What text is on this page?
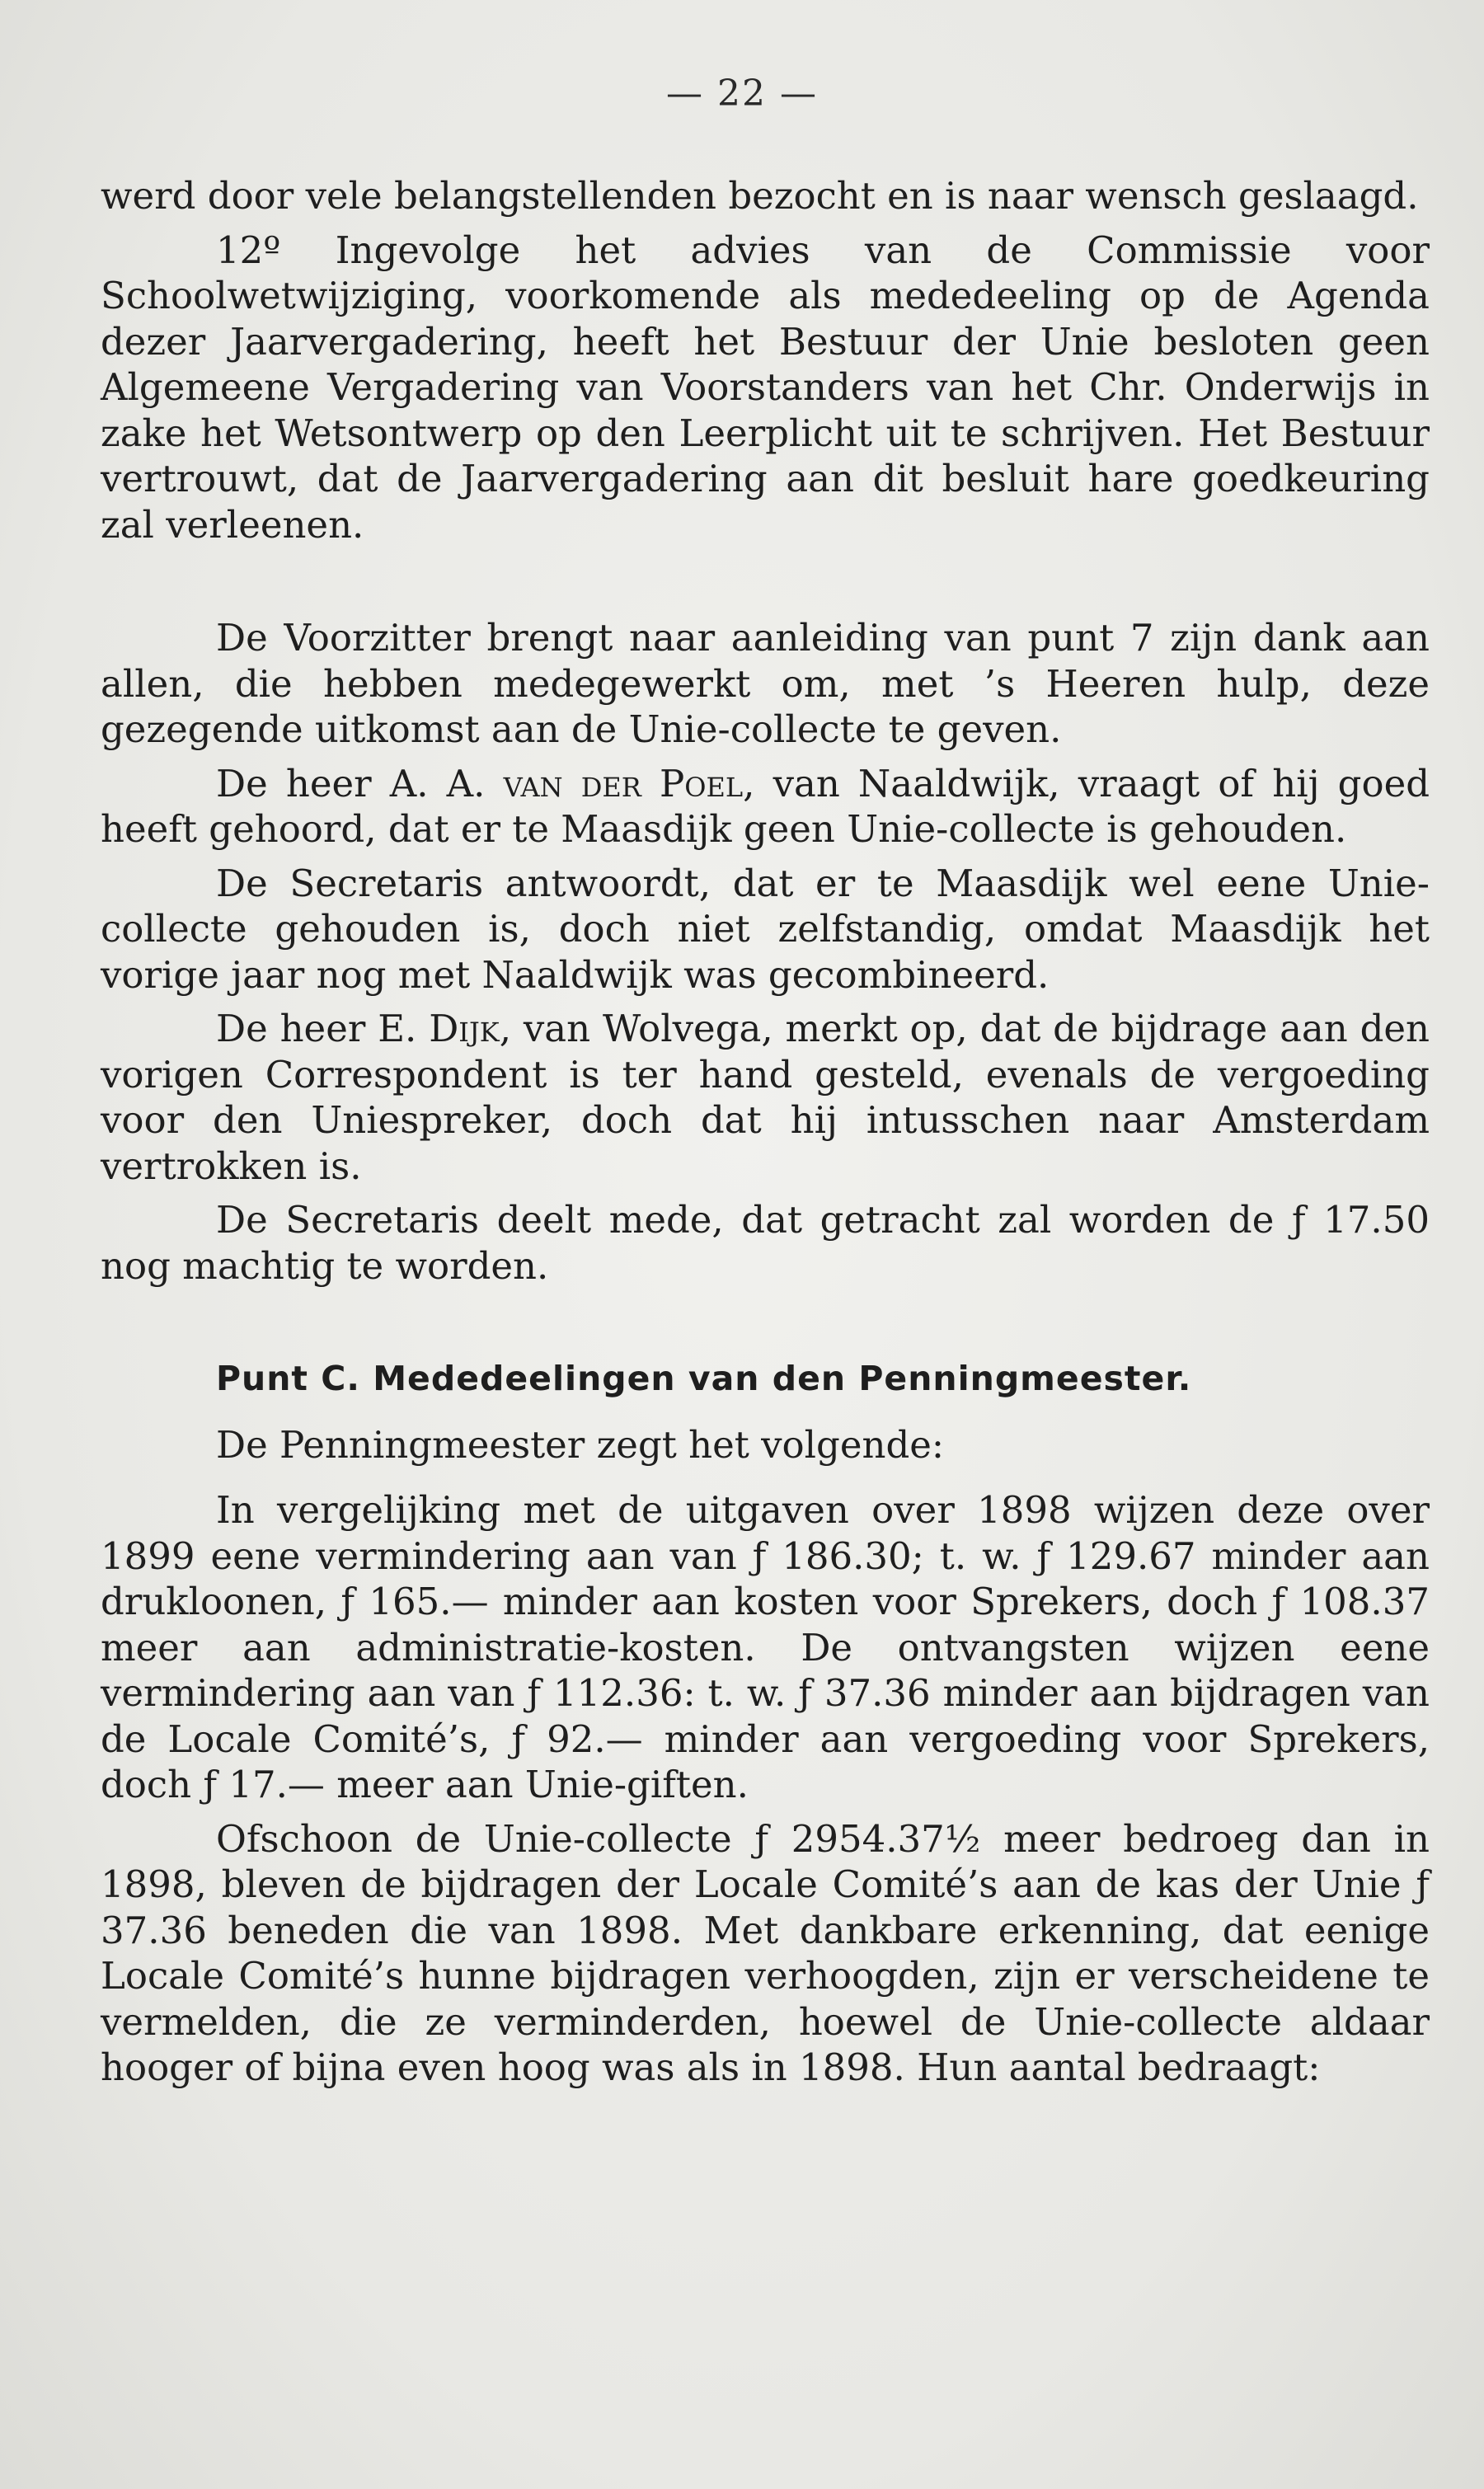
— 22 —

werd door vele belangstellenden bezocht en is naar wensch geslaagd.

12º Ingevolge het advies van de Commissie voor Schoolwetwijziging, voorkomende als mededeeling op de Agenda dezer Jaarvergadering, heeft het Bestuur der Unie besloten geen Algemeene Vergadering van Voorstanders van het Chr. Onderwijs in zake het Wetsontwerp op den Leerplicht uit te schrijven. Het Bestuur vertrouwt, dat de Jaarvergadering aan dit besluit hare goedkeuring zal verleenen.

De Voorzitter brengt naar aanleiding van punt 7 zijn dank aan allen, die hebben medegewerkt om, met ’s Heeren hulp, deze gezegende uitkomst aan de Unie-collecte te geven.

De heer A. A. van der Poel, van Naaldwijk, vraagt of hij goed heeft gehoord, dat er te Maasdijk geen Unie-collecte is gehouden.

De Secretaris antwoordt, dat er te Maasdijk wel eene Unie-collecte gehouden is, doch niet zelfstandig, omdat Maasdijk het vorige jaar nog met Naaldwijk was gecombineerd.

De heer E. Dijk, van Wolvega, merkt op, dat de bijdrage aan den vorigen Correspondent is ter hand gesteld, evenals de vergoeding voor den Uniespreker, doch dat hij intusschen naar Amsterdam vertrokken is.

De Secretaris deelt mede, dat getracht zal worden de ƒ 17.50 nog machtig te worden.

Punt C. Mededeelingen van den Penningmeester.

De Penningmeester zegt het volgende:

In vergelijking met de uitgaven over 1898 wijzen deze over 1899 eene vermindering aan van ƒ 186.30; t. w. ƒ 129.67 minder aan drukloonen, ƒ 165.— minder aan kosten voor Sprekers, doch ƒ 108.37 meer aan administratie-kosten. De ontvangsten wijzen eene vermindering aan van ƒ 112.36: t. w. ƒ 37.36 minder aan bijdragen van de Locale Comité’s, ƒ 92.— minder aan vergoeding voor Sprekers, doch ƒ 17.— meer aan Unie-giften.

Ofschoon de Unie-collecte ƒ 2954.37½ meer bedroeg dan in 1898, bleven de bijdragen der Locale Comité’s aan de kas der Unie ƒ 37.36 beneden die van 1898. Met dankbare erkenning, dat eenige Locale Comité’s hunne bijdragen verhoogden, zijn er verscheidene te vermelden, die ze verminderden, hoewel de Unie-collecte aldaar hooger of bijna even hoog was als in 1898. Hun aantal bedraagt:
